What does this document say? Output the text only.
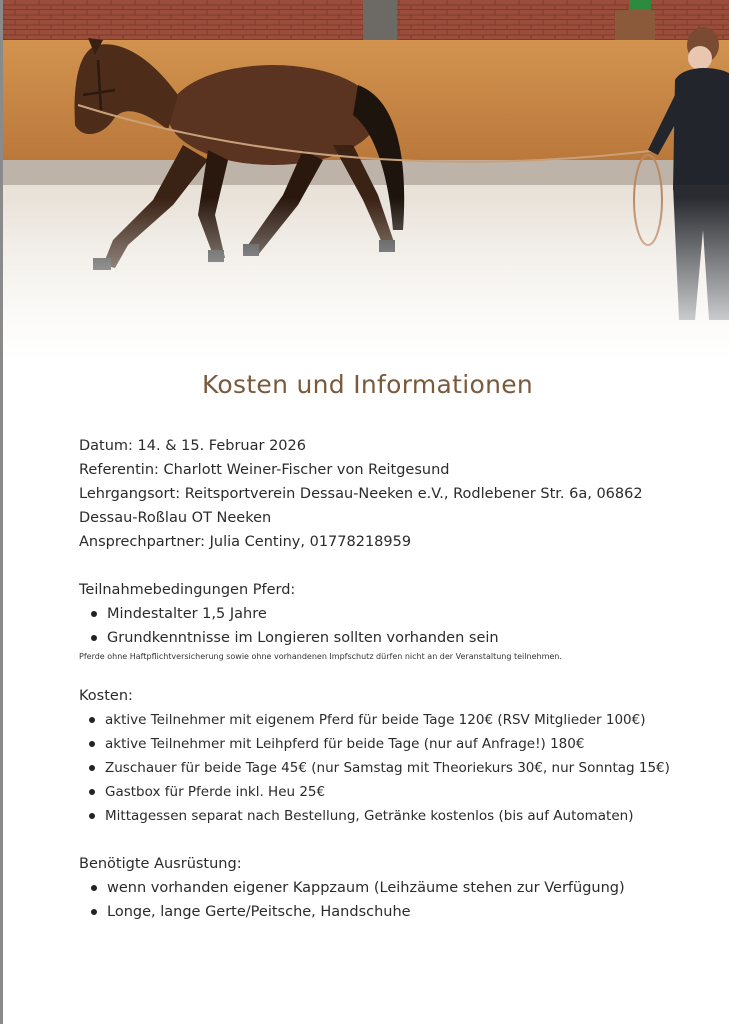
Kosten und Informationen
Datum: 14. & 15. Februar 2026
Referentin: Charlott Weiner-Fischer von Reitgesund
Lehrgangsort: Reitsportverein Dessau-Neeken e.V., Rodlebener Str. 6a, 06862
Dessau-Roßlau OT Neeken
Ansprechpartner: Julia Centiny, 01778218959
Teilnahmebedingungen Pferd:
Mindestalter 1,5 Jahre
Grundkenntnisse im Longieren sollten vorhanden sein
Pferde ohne Haftpflichtversicherung sowie ohne vorhandenen Impfschutz dürfen nicht an der Veranstaltung teilnehmen.
Kosten:
aktive Teilnehmer mit eigenem Pferd für beide Tage 120€ (RSV Mitglieder 100€)
aktive Teilnehmer mit Leihpferd für beide Tage (nur auf Anfrage!) 180€
Zuschauer für beide Tage 45€ (nur Samstag mit Theoriekurs 30€, nur Sonntag 15€)
Gastbox für Pferde inkl. Heu 25€
Mittagessen separat nach Bestellung, Getränke kostenlos (bis auf Automaten)
Benötigte Ausrüstung:
wenn vorhanden eigener Kappzaum (Leihzäume stehen zur Verfügung)
Longe, lange Gerte/Peitsche, Handschuhe
